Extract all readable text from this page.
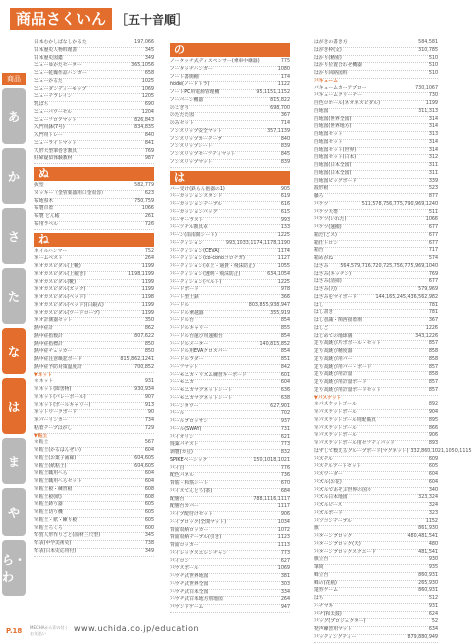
商品さくいん ［五十音順］
商品
あ
か
さ
た
な
は
ま
や
ら・わ
日本むかしばなしかるた	197,066
日本歴史人物料理書	345
日本歴史図鑑	349
ニューゆかたセーター	365,1056
ニュー乾燥作品ハンガー	658
ニューかるた	1025
ニューダンディーモップ	1069
ニューテラレイン	1205
乳ばち	690
ニューパワーセル	1204
ニューフロアマット	826,843
入門用鉢(7号)	834,835
入門用トレー	840
ニューライトマット	841
人形大型筆巻き教具	769
妊婦疑似体験教材	987
ぬ
抜型	582,779
ヌッキー（金管楽器用口金収容）	623
布地県木	750,759
布製巾着	1066
布製 どん帳	261
布用ラベル	726
ね
ネイルハンマー	752
ネームベスト	264
ネオカスピダル(上靴)	1199
ネオカスピダル(上履き)	1198,1199
ネオカスピダル(靴)	1199
ネオカスピダル(ズック)	1199
ネオカスピダル(ベッド)	1198
ネオカスピダル(ベッド)(日銀式)	1199
ネオカスピダル(ワードロープ)	1199
ネオ計測器セット	350
熱中症計	862
熱中症指数計	807,622
熱中症指標計	850
熱中症チェッカー	850
熱中症注意喚起ボード	815,862,1241
熱中症予防対策温度計	700,852
▼ネット
＊ネット	931
＊ネット(障害物)	930,934
＊ネット(バレーボール)	907
＊ネット(ボールキャリー)	913
ネットワークボード	90
ネバーリンカー	734
粘着テープはがし	729
▼粘土
＊粘土	567
＊粘土(かるほんぜい)	604
＊粘土(お菓子画廊)	604,605
＊粘土(紙粘土)	604,605
＊粘土職用へら	604
＊粘土職用へらセット	604
＊粘土板・練習板	608
＊粘土板(紙)	608
＊粘土鋳り器	605
＊粘土切り機	605
＊粘土・紙・練り板	605
＊粘土ろくろ	600
年賀人形作りごと(面材三尺型)	345
年表(中学美術史)	738
年表(日本史応用付)	349
の
ノータッチ式ディスペンサー(乗車中継器)	775
ノータッチハンガー	1080
ノート書簡棚	174
node(ノードトラ)	1122
ノートPC用電源管理機	95,1151,1152
ノーバーン機器	815,822
のこぎり	698,700
のたたた図	367
のみセット	714
ノンスリップ安全マット	357,1139
ノンスリップカーテーブ	840
ノンスリップシート	839
ノンスリップセーフティマット	845
ノンスリップマット	839
は
バー受け(鉄らん抱器の1)	905
パーカッションスタンド	619
パーカッションテーブル	616
パーカッションバッグ	615
パーサーラスト	993
パーソナル教具卓	133
バーン(南南開シート)	1225
パーティション	993,1033,1174,1178,1190
パーティション(CEVA)	1174
パーティション(co-conoコロナガ)	1127
パーティション(卓上・通貨・飛沫防止)	1055
パーティション(透明・飛沫防止)	634,1054
パーティション(ベルト)	1225
ハードボード	978
ハート型土鋏	366
ハードル	803,855,938,947
ハードル乗越器	355,919
ハードル台	854
ハードルキャリー	855
ハードル台運び用運搬台	854
ハードルメーター	140,815,852
ハードル用EVAクロスバー	854
ハードルラダー	851
ハーフマット	842
ハーモニカ・リズム練習キーボード	601
ハーモニカ	604
ハーモニカマグネットシート	636
ハーモニカマグネットシート	638
バーンタワー	627,901
バール	702
バールブロッサン	937
バール(SWAY)	731
バイオリン	621
廃棄パチスト	773
剥製(カ豆)	832
SPIKEベーシック	150,1018,1021
バイ目	776
配色パネル	736
背筋・和筋シート	670
バイスてんとう(茶)	684
配膳台	788,1116,1117
配膳台カバー	1117
パイプ配付けセット	906
ハイブロック(全開マット)	1034
背面収納ロッカー	1072
背面収納テーブル(引き)	1123
背面ロッカー	1113
パイレックスエレンチャン	773
バイロン	627
パウスボール	1069
ハウチ式世界地図	381
ハウチ式世界全図	303
ハウチ式日本全図	334
ハウチ式日本地方別地図	264
バウンドゲーム	947
はがきの書き方	584,581
はがき枠(文)	310,785
はかり(精密)	510
はかり位置合わせ機器	510
はかり回路図料	510
バキューム
バキュームカーアプロー	730,1067
バキュームクリーナー	730
白色ロホール(ネオネスピダル)	1199
白地図	311,313
白地図(世界全図)	314
白地図(世界地方)	314
白地図セット	313
白地図セット	314
白地図セット(世界)	314
白地図セット(日本)	312
白地図(日本全図)	311
白地図(日本全図)	311
白地図ビッグボード	339
波形板	523
藤ろ	877
バケツ	511,578,756,775,790,969,1240
バケツ大帯	511
バケツ(いれた)	1066
バケツ(運搬)	677
箱だ(ごス)	677
箱仕トロン	677
箱台	717
箱めがね	574
はさみ 564,579,716,720,725,756,775,969,1040
はさみ(キッチン)	769
はさみ(清掃)	677
はさみ(刃)	579,969
はさみをマイボード	144,165,245,436,562,982
はし	781
はし書き	781
はし意識・関西接着剤	367
はしご	1226
はじめての地球儀	343,1226
走り高跳び片ボボール・セット	857
走り高跳び精度器	858
走り高跳び用バー	858
走り高跳び用バー・ボード	857
走り高跳び用計量	858
走り高跳び用計量ボード	857
走り高跳び用計量ボードセット	857
▼バスケット
＊バスケットゴール	892
＊バスケットボール	904
＊バスケットゴール用配備具	895
＊バスケットゴール	866
＊バスケットボール	906
＊バスケットボール用セフティバッド	893
はずして数えるグループボード(マグネット) 332,860,1021,1050,1115
パステル	609
パステルアートセット	605
パスワーダー	604
パズル(お花)	604
パズルであそぶ世界の国々	340
パズル日本地図	323,324
パズルピース	324
パズルボード	323
パソコンテーブル	1152
旗	861,930
パターンブロック	480,481,541
パターンブロック(大)	480
パターンブロックスクエード	481,541
旗立台	930
筆筒	935
蜂立台	860,931
蜂の(花瓶)	265,930
道券ゲーム	860,931
はち	512
ハチマキ	931
バチ(和太鼓)	624
バッグ(プロジェクター)	52
発声練習用マット	634
バッティングティー	879,880,949
P.18 MECHAから印の付くお支払い
www.uchida.co.jp/education
